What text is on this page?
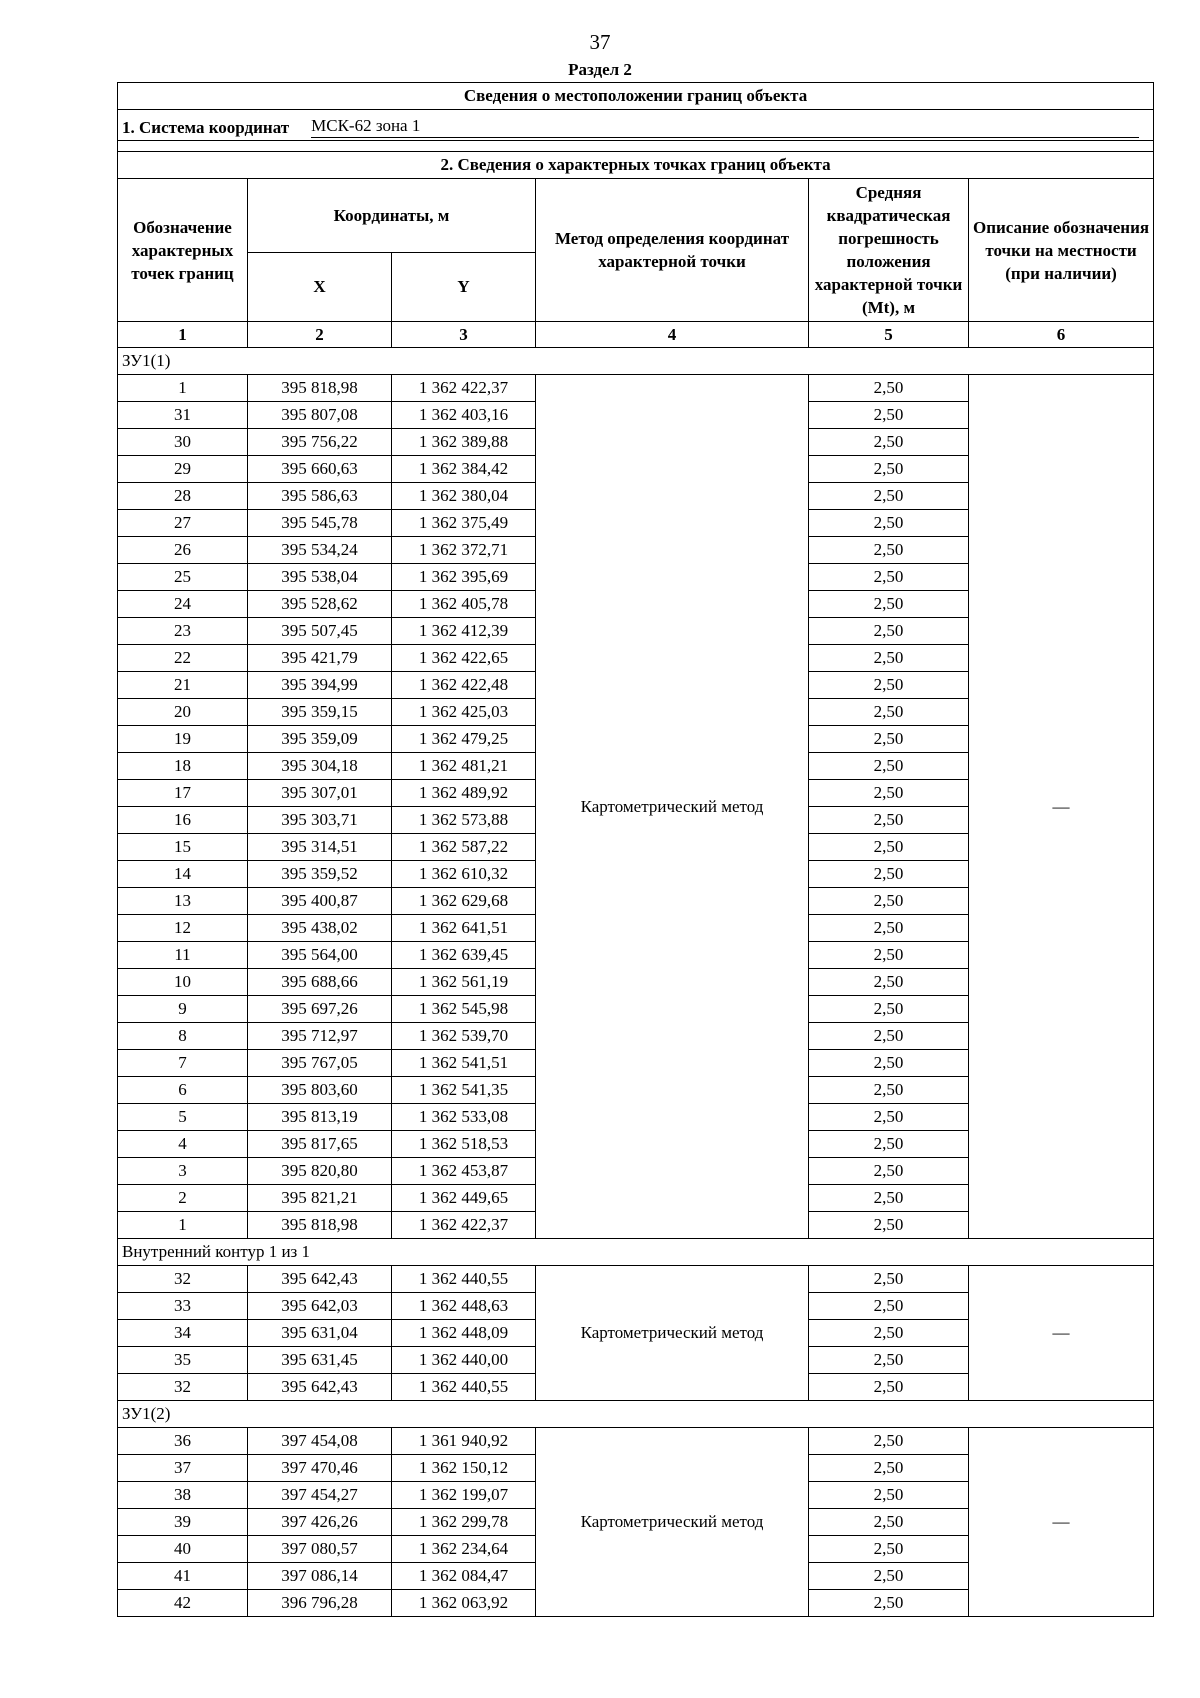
37
Раздел 2
Сведения о местоположении границ объекта					

1. Система координат МСК-62 зона 1					

2. Сведения о характерных точках границ объекта					
Обозначение характерных точек границ	Координаты, м		Метод определения координат характерной точки	Средняя квадратическая погрешность положения характерной точки (Mt), м	Описание обозначения точки на местности (при наличии)
	X	Y			
1	2	3	4	5	6
ЗУ1(1)					
1	395 818,98	1 362 422,37	Картометрический метод	2,50	—
31	395 807,08	1 362 403,16		2,50	
30	395 756,22	1 362 389,88		2,50	
29	395 660,63	1 362 384,42		2,50	
28	395 586,63	1 362 380,04		2,50	
27	395 545,78	1 362 375,49		2,50	
26	395 534,24	1 362 372,71		2,50	
25	395 538,04	1 362 395,69		2,50	
24	395 528,62	1 362 405,78		2,50	
23	395 507,45	1 362 412,39		2,50	
22	395 421,79	1 362 422,65		2,50	
21	395 394,99	1 362 422,48		2,50	
20	395 359,15	1 362 425,03		2,50	
19	395 359,09	1 362 479,25		2,50	
18	395 304,18	1 362 481,21		2,50	
17	395 307,01	1 362 489,92		2,50	
16	395 303,71	1 362 573,88		2,50	
15	395 314,51	1 362 587,22		2,50	
14	395 359,52	1 362 610,32		2,50	
13	395 400,87	1 362 629,68		2,50	
12	395 438,02	1 362 641,51		2,50	
11	395 564,00	1 362 639,45		2,50	
10	395 688,66	1 362 561,19		2,50	
9	395 697,26	1 362 545,98		2,50	
8	395 712,97	1 362 539,70		2,50	
7	395 767,05	1 362 541,51		2,50	
6	395 803,60	1 362 541,35		2,50	
5	395 813,19	1 362 533,08		2,50	
4	395 817,65	1 362 518,53		2,50	
3	395 820,80	1 362 453,87		2,50	
2	395 821,21	1 362 449,65		2,50	
1	395 818,98	1 362 422,37		2,50	
Внутренний контур 1 из 1					
32	395 642,43	1 362 440,55	Картометрический метод	2,50	—
33	395 642,03	1 362 448,63		2,50	
34	395 631,04	1 362 448,09		2,50	
35	395 631,45	1 362 440,00		2,50	
32	395 642,43	1 362 440,55		2,50	
ЗУ1(2)					
36	397 454,08	1 361 940,92	Картометрический метод	2,50	—
37	397 470,46	1 362 150,12		2,50	
38	397 454,27	1 362 199,07		2,50	
39	397 426,26	1 362 299,78		2,50	
40	397 080,57	1 362 234,64		2,50	
41	397 086,14	1 362 084,47		2,50	
42	396 796,28	1 362 063,92		2,50	
